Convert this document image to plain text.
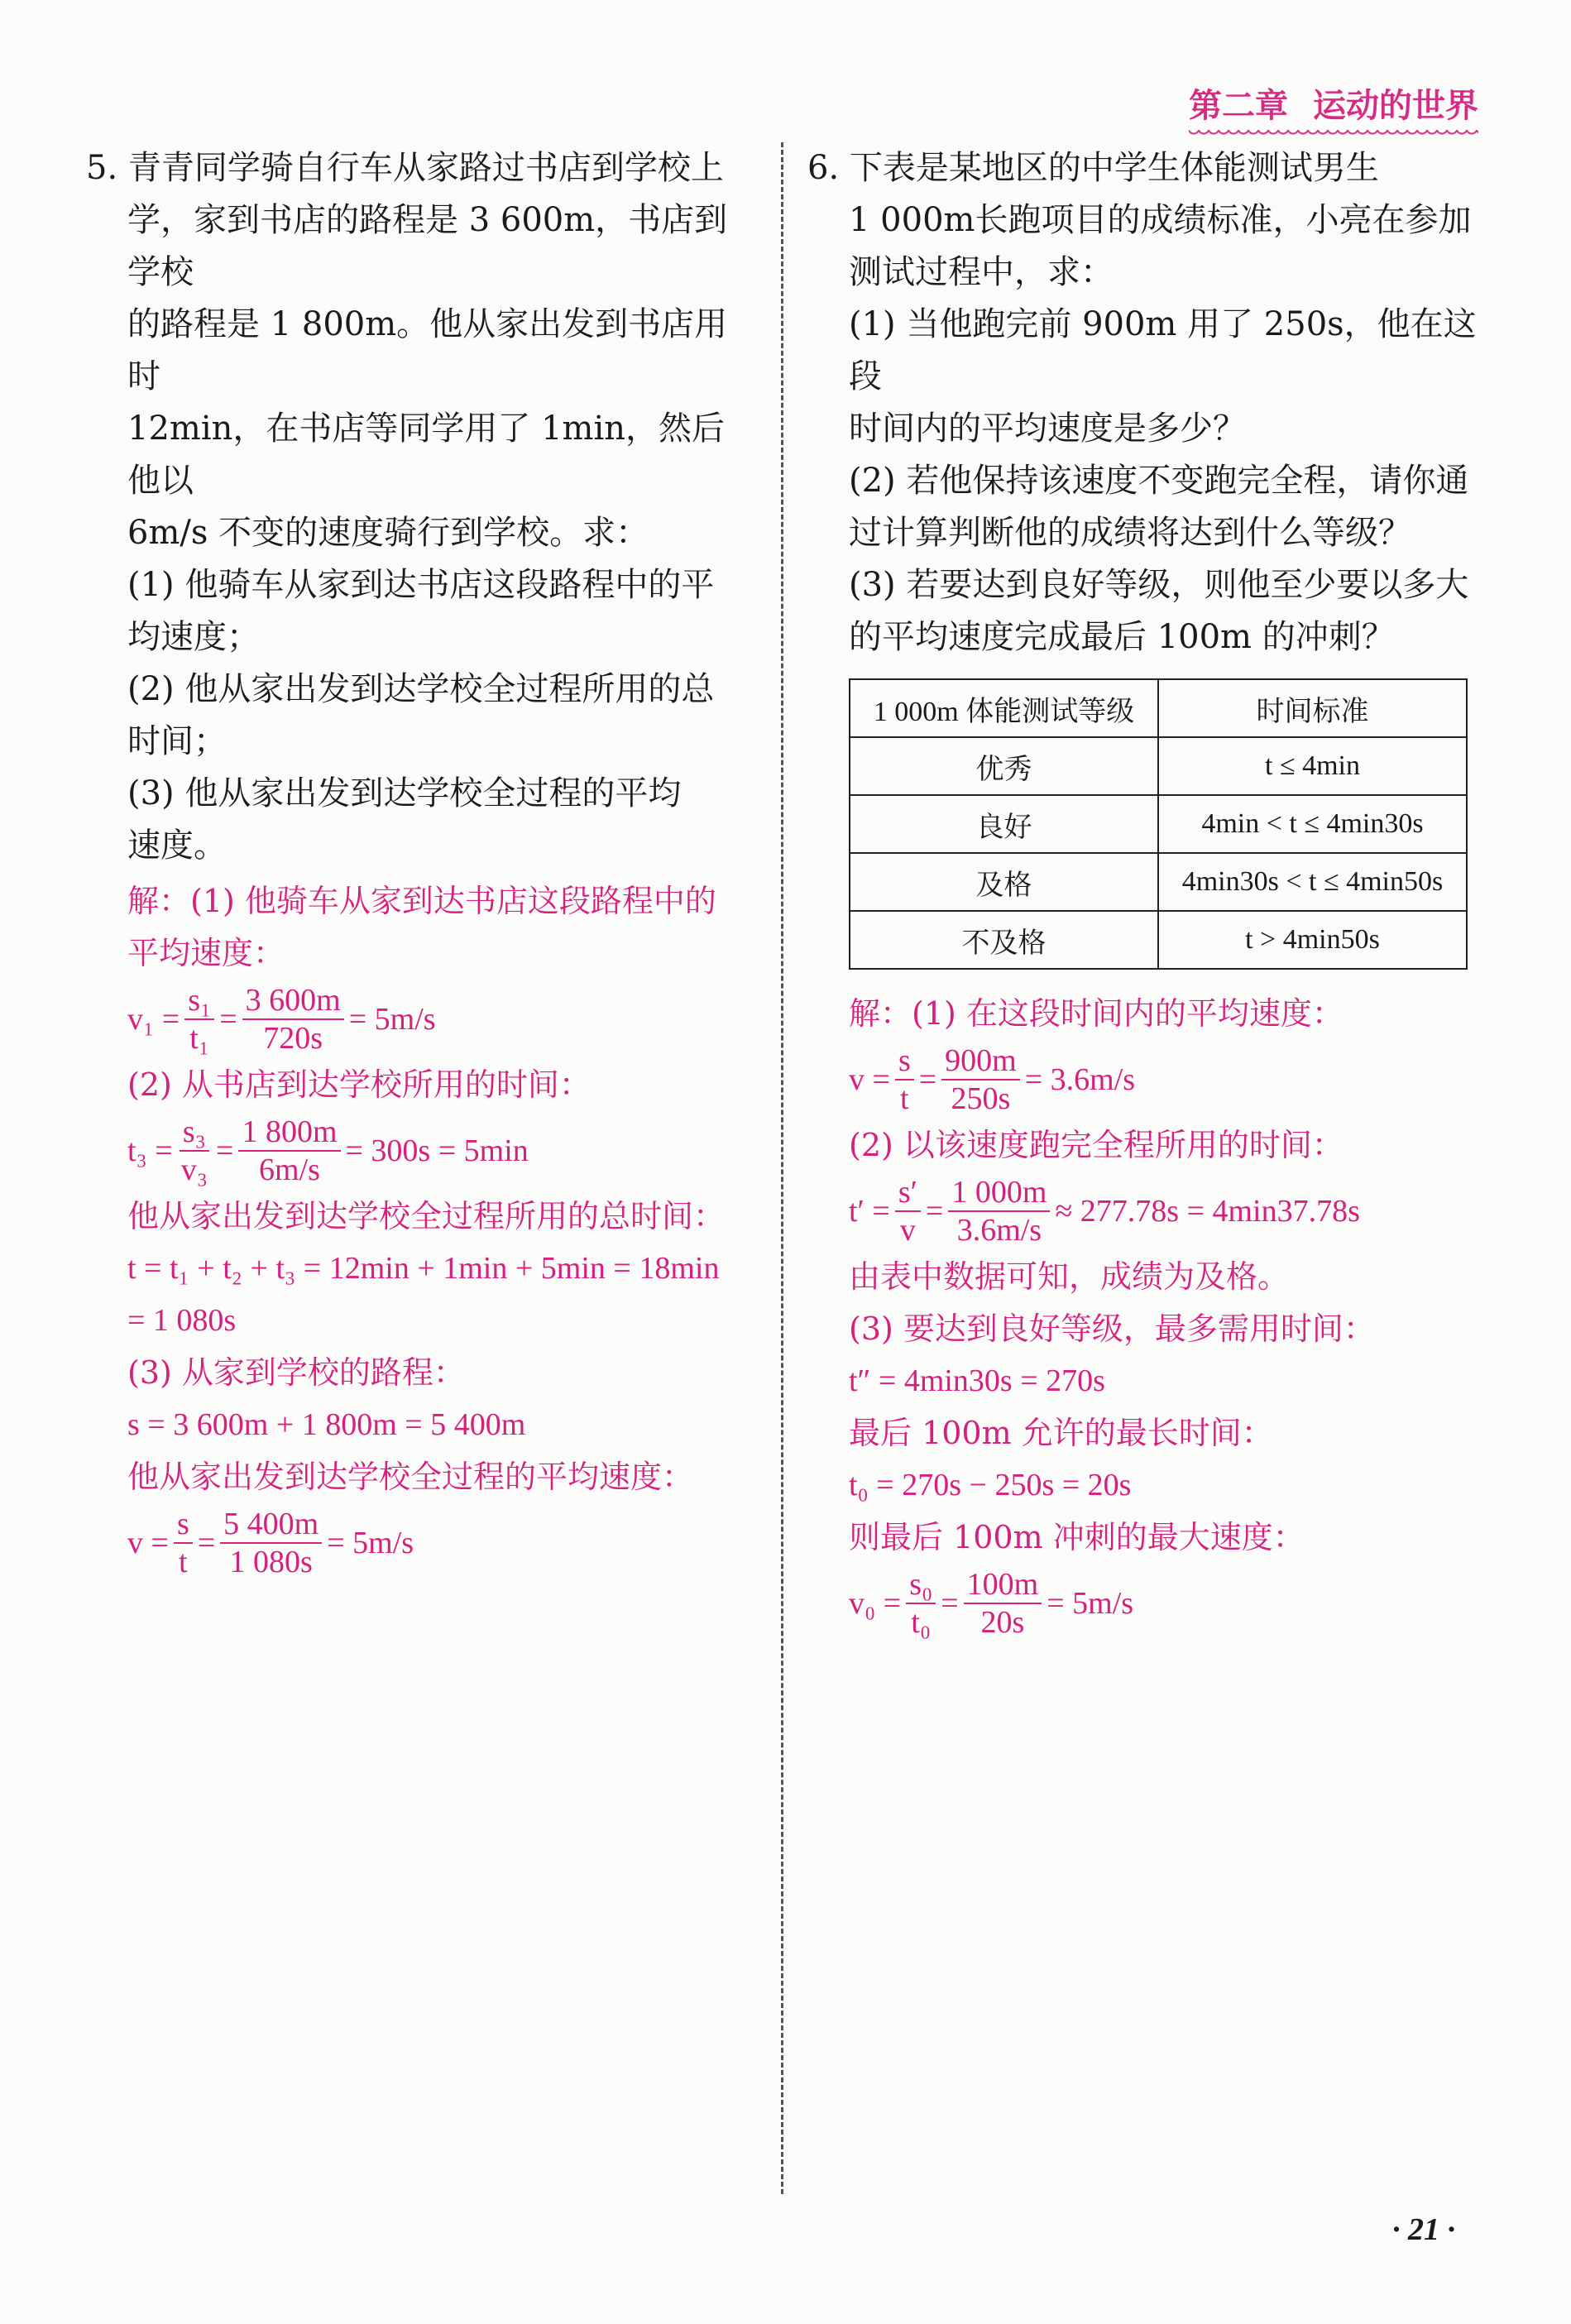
第二章 运动的世界

5. 青青同学骑自行车从家路过书店到学校上

学，家到书店的路程是 3 600m，书店到学校

的路程是 1 800m。他从家出发到书店用时

12min，在书店等同学用了 1min，然后他以

6m/s 不变的速度骑行到学校。求：

(1) 他骑车从家到达书店这段路程中的平

均速度；

(2) 他从家出发到达学校全过程所用的总

时间；

(3) 他从家出发到达学校全过程的平均

速度。

解：(1) 他骑车从家到达书店这段路程中的

平均速度：

$v_1 = \frac{\text{s₁}}{\text{t₁}} = \frac{3 600m}{720s} = 5m/s$

(2) 从书店到达学校所用的时间：

$t_3 = \frac{\text{s₃}}{\text{v₃}} = \frac{1 800m}{6m/s} = 300s = 5\min$

他从家出发到达学校全过程所用的总时间：

t = t₁ + t₂ + t₃ = 12min + 1min + 5min = 18min

= 1 080s

(3) 从家到学校的路程：

s = 3 600m + 1 800m = 5 400m

他从家出发到达学校全过程的平均速度：

$v = \frac{s}{t} = \frac{5 400m}{1 080s} = 5m/s$

6. 下表是某地区的中学生体能测试男生

1 000m长跑项目的成绩标准，小亮在参加

测试过程中，求：

(1) 当他跑完前 900m 用了 250s，他在这段

时间内的平均速度是多少？

(2) 若他保持该速度不变跑完全程，请你通

过计算判断他的成绩将达到什么等级？

(3) 若要达到良好等级，则他至少要以多大

的平均速度完成最后 100m 的冲刺？

1 000m 体能测试等级	时间标准
优秀	t ≤ 4min
良好	4min < t ≤ 4min30s
及格	4min30s < t ≤ 4min50s
不及格	t > 4min50s

解：(1) 在这段时间内的平均速度：

$v = \frac{s}{t} = \frac{900m}{250s} = 3.6m/s$

(2) 以该速度跑完全程所用的时间：

$t' = \frac{s'}{v} = \frac{1 000m}{3.6m/s} \approx 277.78s = 4\min 37.78s$

由表中数据可知，成绩为及格。

(3) 要达到良好等级，最多需用时间：

t″ = 4min30s = 270s

最后 100m 允许的最长时间：

t₀ = 270s − 250s = 20s

则最后 100m 冲刺的最大速度：

$v_0 = \frac{\text{s₀}}{\text{t₀}} = \frac{100m}{20s} = 5m/s$
· 21 ·
